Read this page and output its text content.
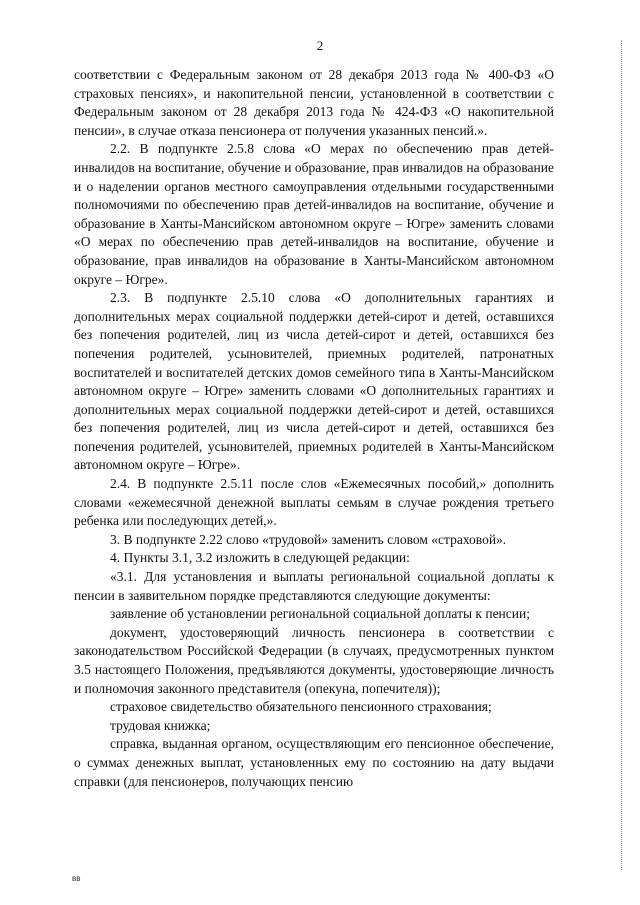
2

соответствии с Федеральным законом от 28 декабря 2013 года № 400-ФЗ «О страховых пенсиях», и накопительной пенсии, установленной в соответствии с Федеральным законом от 28 декабря 2013 года № 424-ФЗ «О накопительной пенсии», в случае отказа пенсионера от получения указанных пенсий.».

2.2. В подпункте 2.5.8 слова «О мерах по обеспечению прав детей-инвалидов на воспитание, обучение и образование, прав инвалидов на образование и о наделении органов местного самоуправления отдельными государственными полномочиями по обеспечению прав детей-инвалидов на воспитание, обучение и образование в Ханты-Мансийском автономном округе – Югре» заменить словами «О мерах по обеспечению прав детей-инвалидов на воспитание, обучение и образование, прав инвалидов на образование в Ханты-Мансийском автономном округе – Югре».

2.3. В подпункте 2.5.10 слова «О дополнительных гарантиях и дополнительных мерах социальной поддержки детей-сирот и детей, оставшихся без попечения родителей, лиц из числа детей-сирот и детей, оставшихся без попечения родителей, усыновителей, приемных родителей, патронатных воспитателей и воспитателей детских домов семейного типа в Ханты-Мансийском автономном округе – Югре» заменить словами «О дополнительных гарантиях и дополнительных мерах социальной поддержки детей-сирот и детей, оставшихся без попечения родителей, лиц из числа детей-сирот и детей, оставшихся без попечения родителей, усыновителей, приемных родителей в Ханты-Мансийском автономном округе – Югре».

2.4. В подпункте 2.5.11 после слов «Ежемесячных пособий,» дополнить словами «ежемесячной денежной выплаты семьям в случае рождения третьего ребенка или последующих детей,».

3. В подпункте 2.22 слово «трудовой» заменить словом «страховой».

4. Пункты 3.1, 3.2 изложить в следующей редакции:

«3.1. Для установления и выплаты региональной социальной доплаты к пенсии в заявительном порядке представляются следующие документы:

заявление об установлении региональной социальной доплаты к пенсии;

документ, удостоверяющий личность пенсионера в соответствии с законодательством Российской Федерации (в случаях, предусмотренных пунктом 3.5 настоящего Положения, предъявляются документы, удостоверяющие личность и полномочия законного представителя (опекуна, попечителя));

страховое свидетельство обязательного пенсионного страхования;

трудовая книжка;

справка, выданная органом, осуществляющим его пенсионное обеспечение, о суммах денежных выплат, установленных ему по состоянию на дату выдачи справки (для пенсионеров, получающих пенсию

вв
